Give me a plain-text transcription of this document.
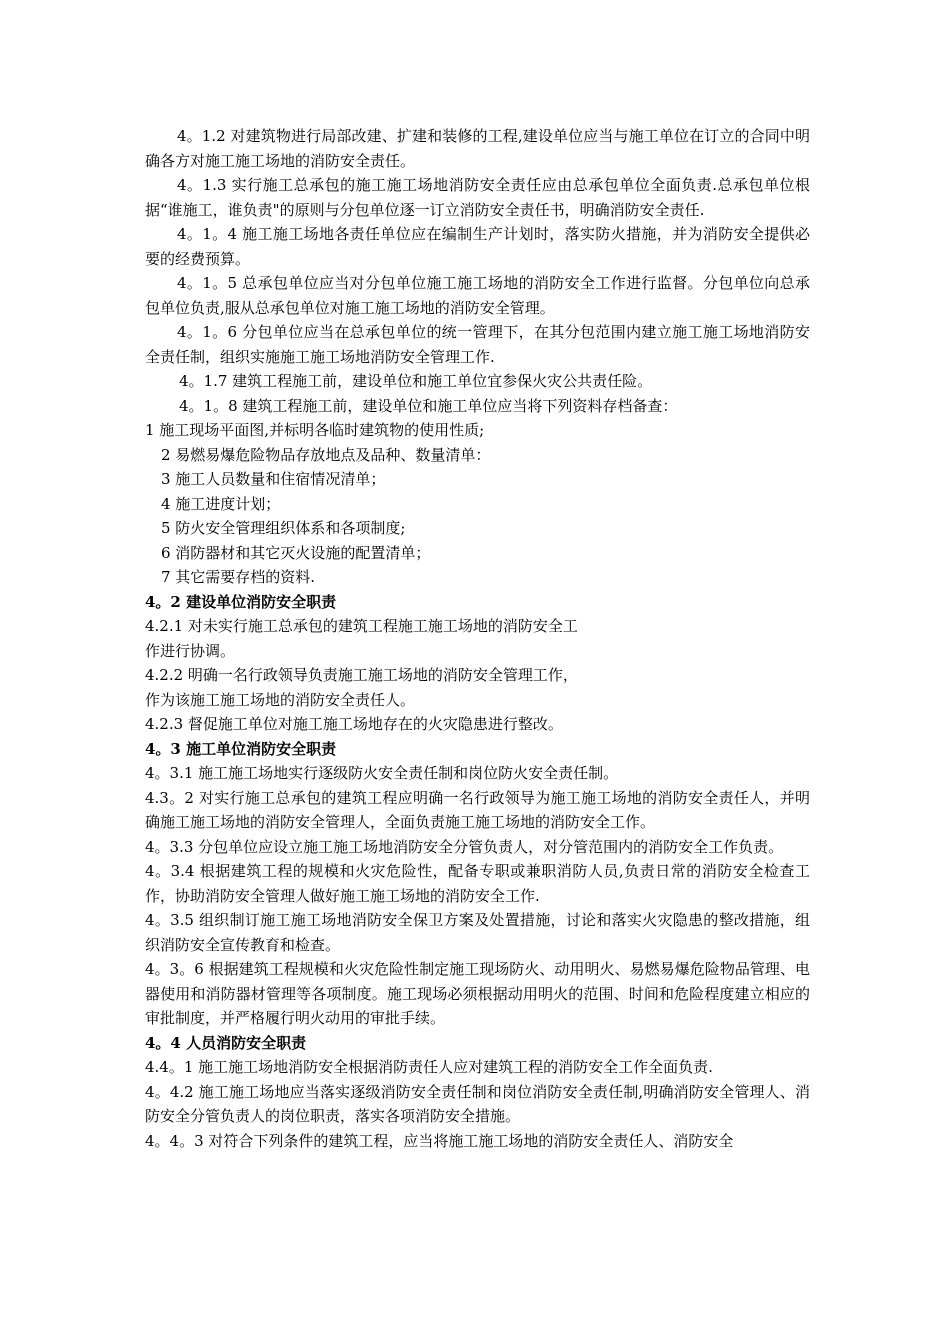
4。1.2 对建筑物进行局部改建、扩建和装修的工程,建设单位应当与施工单位在订立的合同中明确各方对施工施工场地的消防安全责任。

4。1.3 实行施工总承包的施工施工场地消防安全责任应由总承包单位全面负责.总承包单位根据“谁施工，谁负责"的原则与分包单位逐一订立消防安全责任书，明确消防安全责任.

4。1。4 施工施工场地各责任单位应在编制生产计划时，落实防火措施，并为消防安全提供必要的经费预算。

4。1。5 总承包单位应当对分包单位施工施工场地的消防安全工作进行监督。分包单位向总承包单位负责,服从总承包单位对施工施工场地的消防安全管理。

4。1。6 分包单位应当在总承包单位的统一管理下，在其分包范围内建立施工施工场地消防安全责任制，组织实施施工施工场地消防安全管理工作.

4。1.7 建筑工程施工前，建设单位和施工单位宜参保火灾公共责任险。

4。1。8 建筑工程施工前，建设单位和施工单位应当将下列资料存档备查：

1 施工现场平面图,并标明各临时建筑物的使用性质;

2 易燃易爆危险物品存放地点及品种、数量清单：

3 施工人员数量和住宿情况清单；

4 施工进度计划；

5 防火安全管理组织体系和各项制度;

6 消防器材和其它灭火设施的配置清单；

7 其它需要存档的资料.

4。2 建设单位消防安全职责

4.2.1 对未实行施工总承包的建筑工程施工施工场地的消防安全工

作进行协调。

4.2.2 明确一名行政领导负责施工施工场地的消防安全管理工作，

作为该施工施工场地的消防安全责任人。

4.2.3 督促施工单位对施工施工场地存在的火灾隐患进行整改。

4。3 施工单位消防安全职责

4。3.1 施工施工场地实行逐级防火安全责任制和岗位防火安全责任制。

4.3。2 对实行施工总承包的建筑工程应明确一名行政领导为施工施工场地的消防安全责任人，并明确施工施工场地的消防安全管理人，全面负责施工施工场地的消防安全工作。

4。3.3 分包单位应设立施工施工场地消防安全分管负责人，对分管范围内的消防安全工作负责。

4。3.4 根据建筑工程的规模和火灾危险性，配备专职或兼职消防人员,负责日常的消防安全检查工作，协助消防安全管理人做好施工施工场地的消防安全工作.

4。3.5 组织制订施工施工场地消防安全保卫方案及处置措施，讨论和落实火灾隐患的整改措施，组织消防安全宣传教育和检查。

4。3。6 根据建筑工程规模和火灾危险性制定施工现场防火、动用明火、易燃易爆危险物品管理、电器使用和消防器材管理等各项制度。施工现场必须根据动用明火的范围、时间和危险程度建立相应的审批制度，并严格履行明火动用的审批手续。

4。4 人员消防安全职责

4.4。1 施工施工场地消防安全根据消防责任人应对建筑工程的消防安全工作全面负责.

4。4.2 施工施工场地应当落实逐级消防安全责任制和岗位消防安全责任制,明确消防安全管理人、消防安全分管负责人的岗位职责，落实各项消防安全措施。

4。4。3 对符合下列条件的建筑工程，应当将施工施工场地的消防安全责任人、消防安全
